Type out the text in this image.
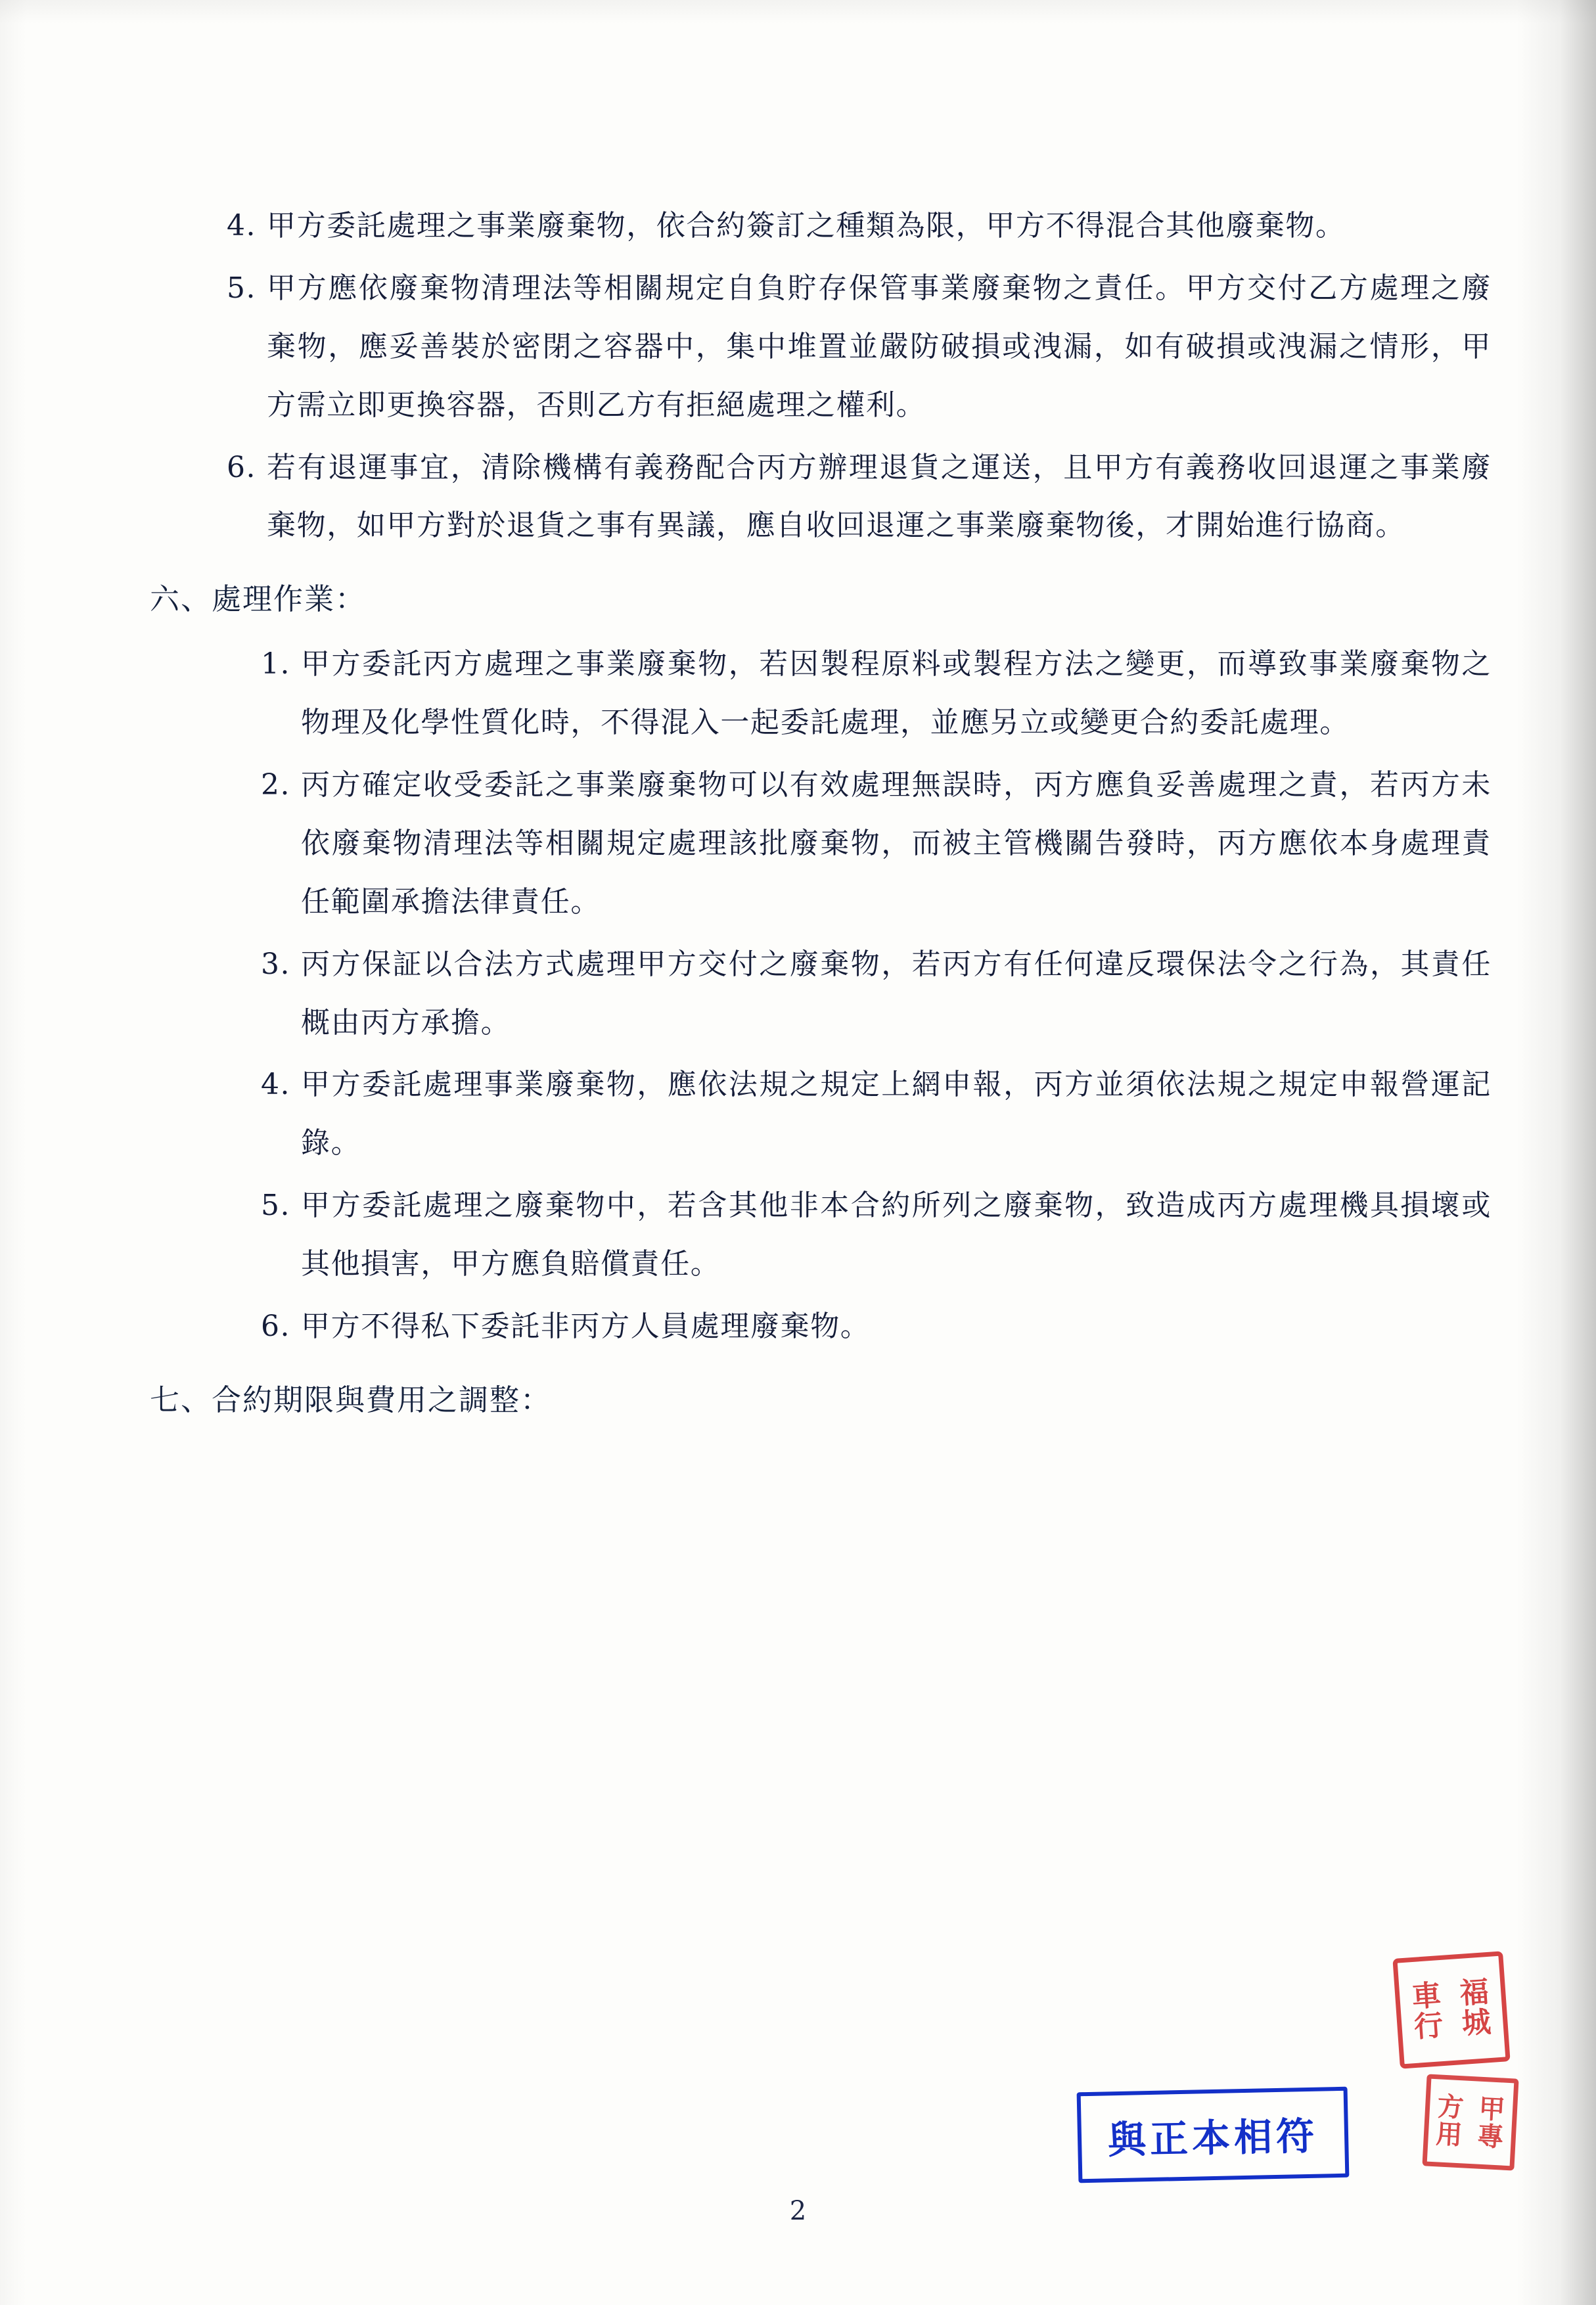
4. 甲方委託處理之事業廢棄物，依合約簽訂之種類為限，甲方不得混合其他廢棄物。
5. 甲方應依廢棄物清理法等相關規定自負貯存保管事業廢棄物之責任。甲方交付乙方處理之廢棄物，應妥善裝於密閉之容器中，集中堆置並嚴防破損或洩漏，如有破損或洩漏之情形，甲方需立即更換容器，否則乙方有拒絕處理之權利。
6. 若有退運事宜，清除機構有義務配合丙方辦理退貨之運送，且甲方有義務收回退運之事業廢棄物，如甲方對於退貨之事有異議，應自收回退運之事業廢棄物後，才開始進行協商。
六、處理作業：
1. 甲方委託丙方處理之事業廢棄物，若因製程原料或製程方法之變更，而導致事業廢棄物之物理及化學性質化時，不得混入一起委託處理，並應另立或變更合約委託處理。
2. 丙方確定收受委託之事業廢棄物可以有效處理無誤時，丙方應負妥善處理之責，若丙方未依廢棄物清理法等相關規定處理該批廢棄物，而被主管機關告發時，丙方應依本身處理責任範圍承擔法律責任。
3. 丙方保証以合法方式處理甲方交付之廢棄物，若丙方有任何違反環保法令之行為，其責任概由丙方承擔。
4. 甲方委託處理事業廢棄物，應依法規之規定上網申報，丙方並須依法規之規定申報營運記錄。
5. 甲方委託處理之廢棄物中，若含其他非本合約所列之廢棄物，致造成丙方處理機具損壞或其他損害，甲方應負賠償責任。
6. 甲方不得私下委託非丙方人員處理廢棄物。
七、合約期限與費用之調整：
2
與正本相符
車 福
行 城
方 甲
用 專
